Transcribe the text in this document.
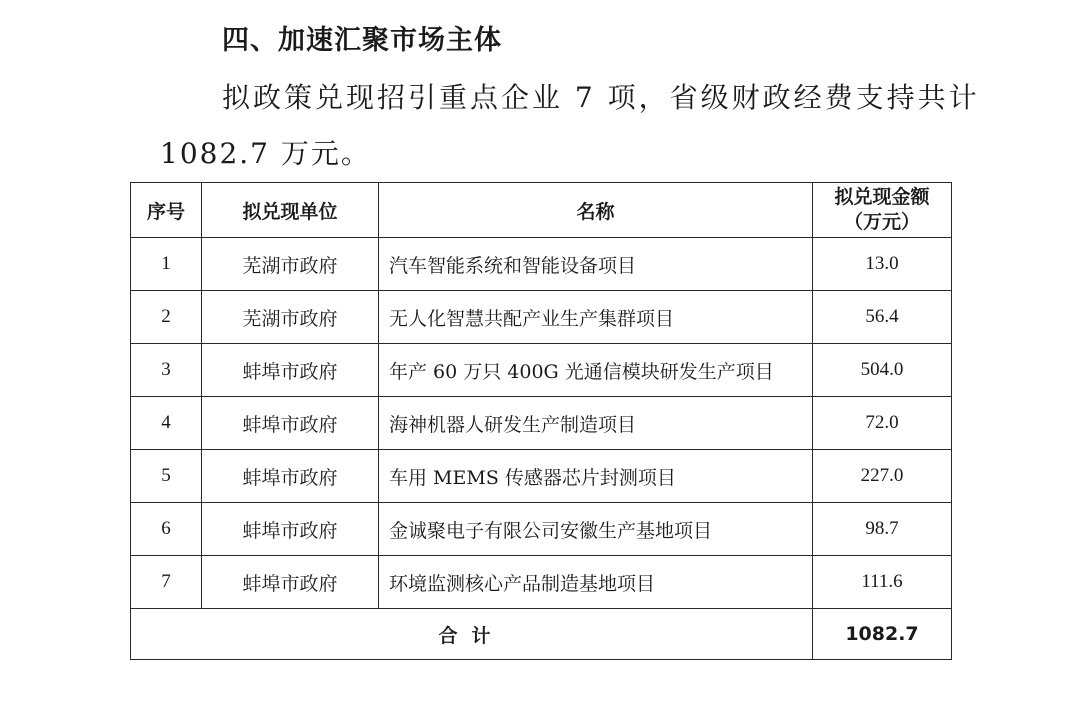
四、加速汇聚市场主体
拟政策兑现招引重点企业 7 项，省级财政经费支持共计
1082.7 万元。
序号	拟兑现单位	名称	拟兑现金额
（万元）

1	芜湖市政府	汽车智能系统和智能设备项目	13.0
2	芜湖市政府	无人化智慧共配产业生产集群项目	56.4
3	蚌埠市政府	年产 60 万只 400G 光通信模块研发生产项目	504.0
4	蚌埠市政府	海神机器人研发生产制造项目	72.0
5	蚌埠市政府	车用 MEMS 传感器芯片封测项目	227.0
6	蚌埠市政府	金诚聚电子有限公司安徽生产基地项目	98.7
7	蚌埠市政府	环境监测核心产品制造基地项目	111.6
合计			1082.7
